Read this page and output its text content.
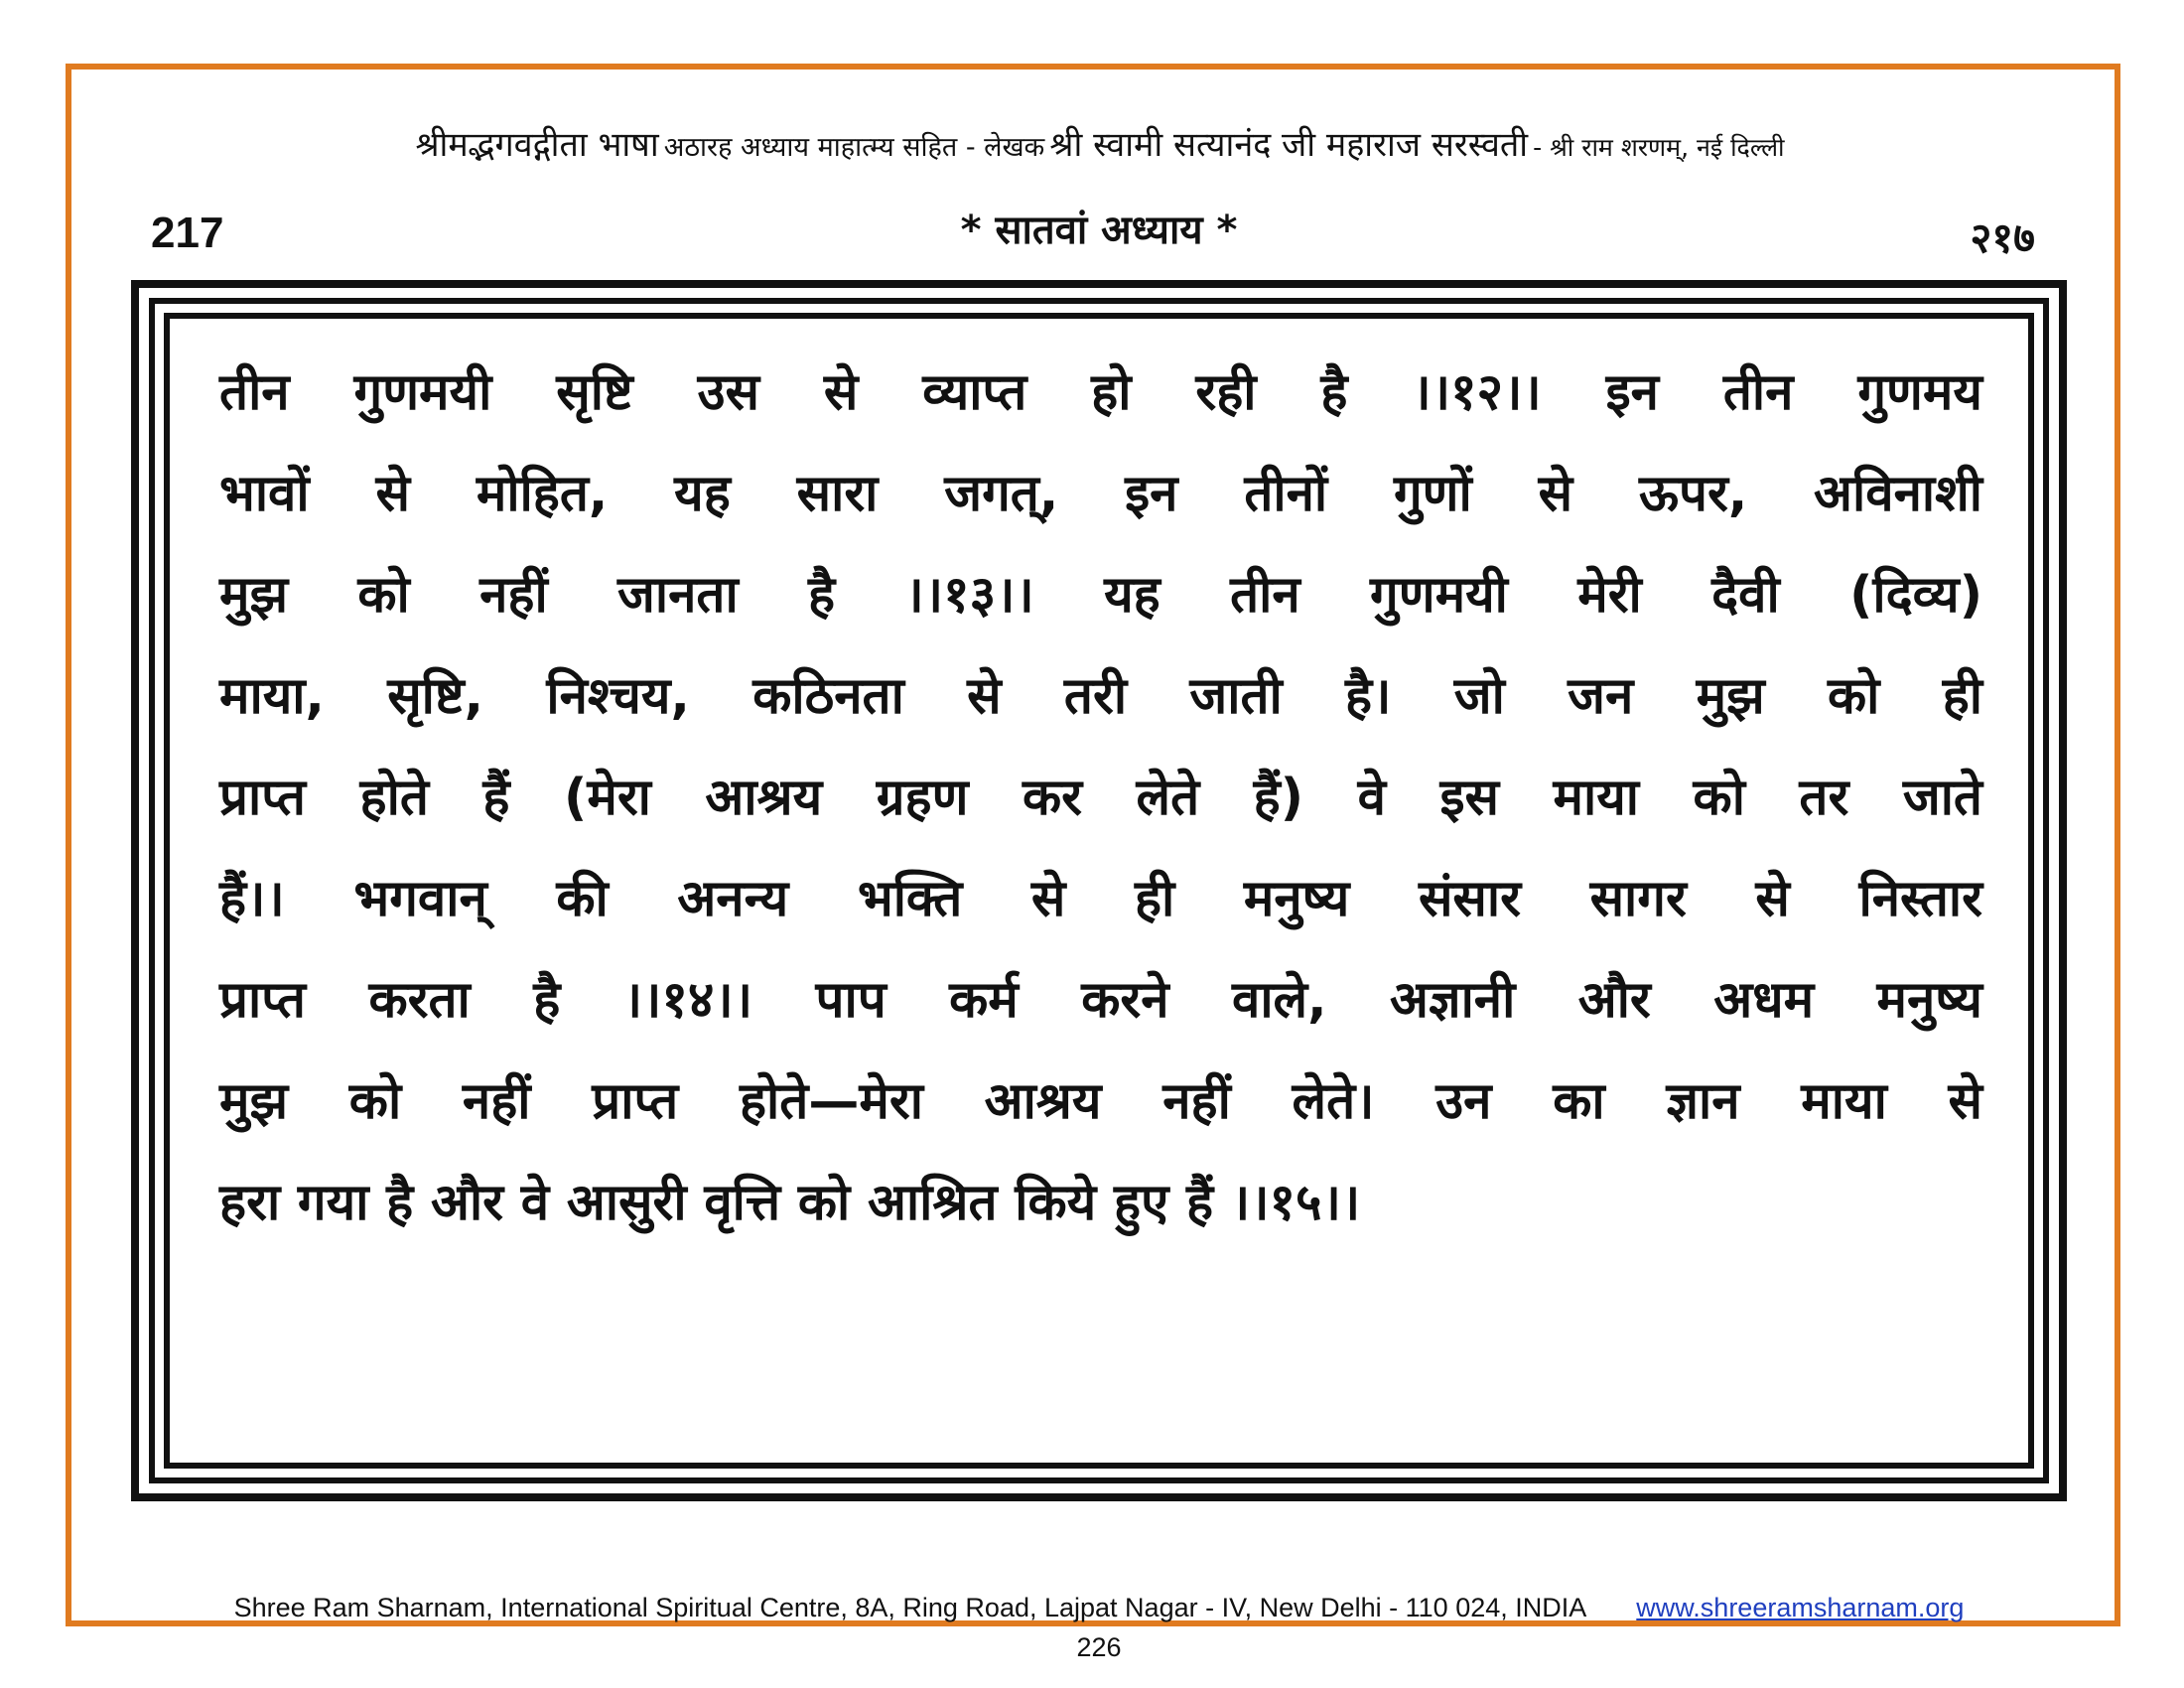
श्रीमद्भगवद्गीता भाषा अठारह अध्याय माहात्म्य सहित - लेखक श्री स्वामी सत्यानंद जी महाराज सरस्वती - श्री राम शरणम्, नई दिल्ली
217	* सातवां अध्याय *	२१७
तीन गुणमयी सृष्टि उस से व्याप्त हो रही है ।।१२।। इन तीन गुणमय
भावों से मोहित, यह सारा जगत्, इन तीनों गुणों से ऊपर, अविनाशी
मुझ को नहीं जानता है ।।१३।। यह तीन गुणमयी मेरी दैवी (दिव्य)
माया, सृष्टि, निश्चय, कठिनता से तरी जाती है। जो जन मुझ को ही
प्राप्त होते हैं (मेरा आश्रय ग्रहण कर लेते हैं) वे इस माया को तर जाते
हैं।। भगवान् की अनन्य भक्ति से ही मनुष्य संसार सागर से निस्तार
प्राप्त करता है ।।१४।। पाप कर्म करने वाले, अज्ञानी और अधम मनुष्य
मुझ को नहीं प्राप्त होते—मेरा आश्रय नहीं लेते। उन का ज्ञान माया से
हरा गया है और वे आसुरी वृत्ति को आश्रित किये हुए हैं ।।१५।।
Shree Ram Sharnam, International Spiritual Centre, 8A, Ring Road, Lajpat Nagar - IV, New Delhi - 110 024, INDIA www.shreeramsharnam.org
226
